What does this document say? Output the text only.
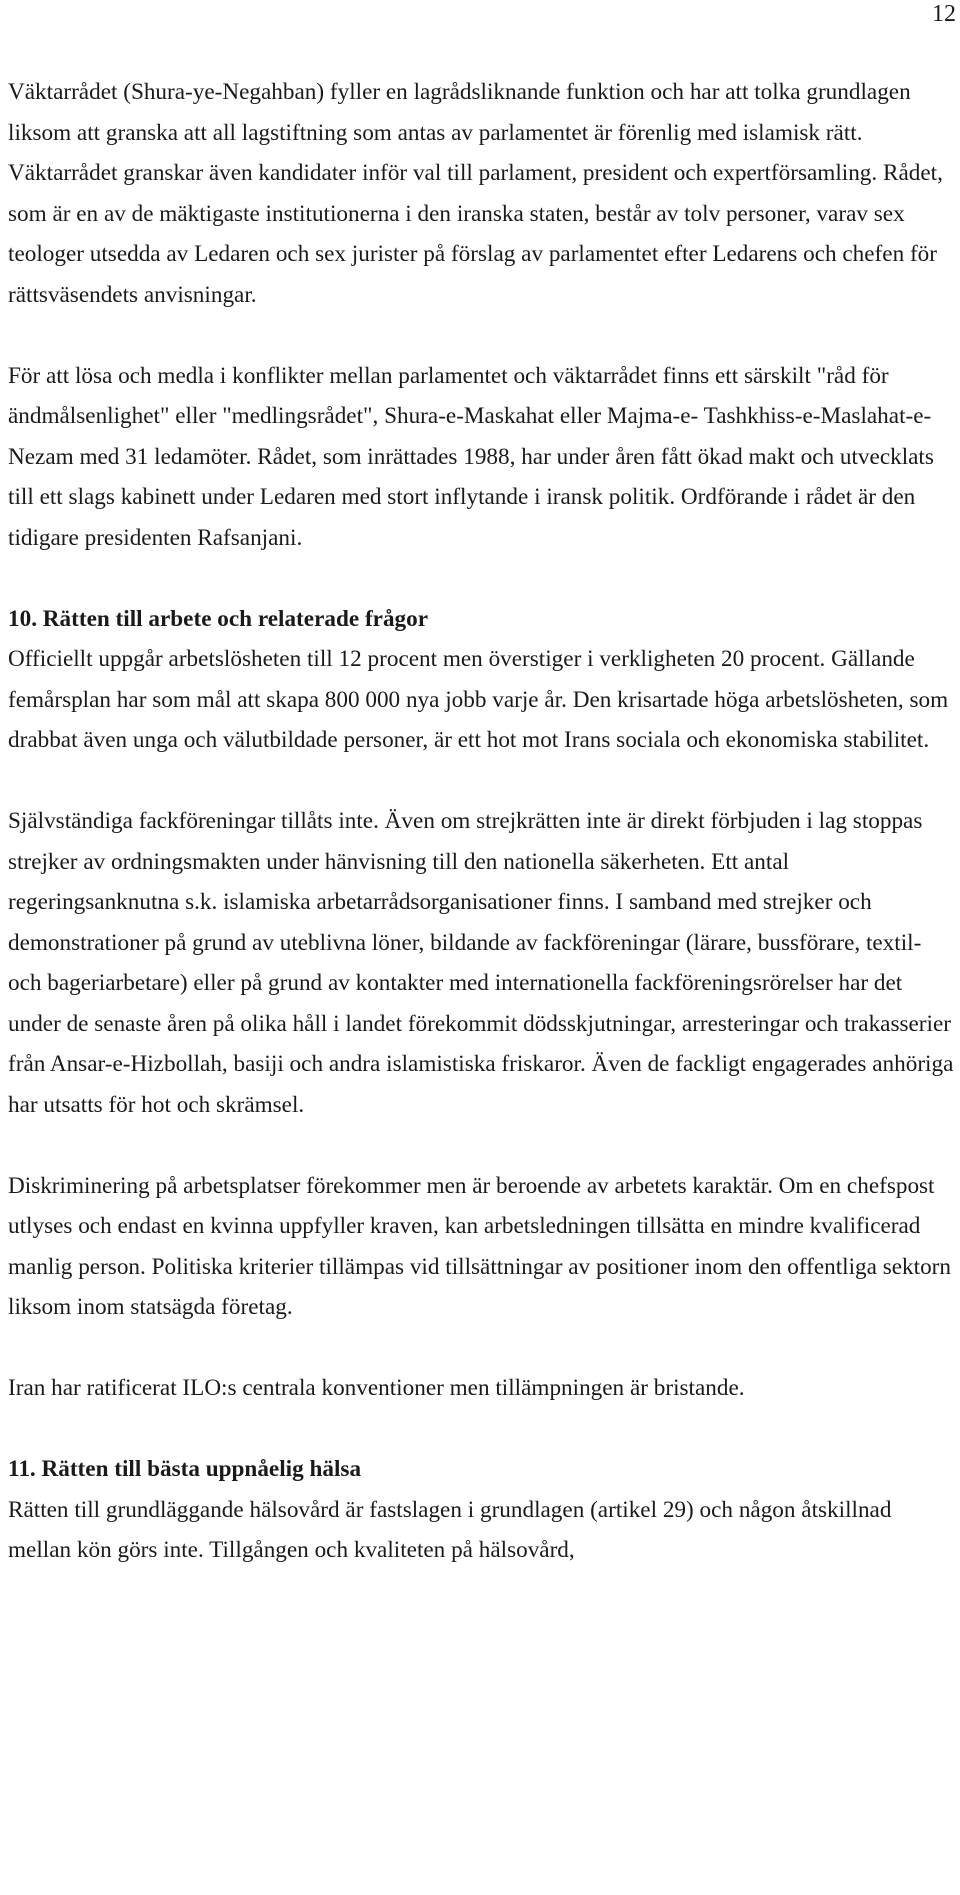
12

Väktarrådet (Shura-ye-Negahban) fyller en lagrådsliknande funktion och har att tolka grundlagen liksom att granska att all lagstiftning som antas av parlamentet är förenlig med islamisk rätt. Väktarrådet granskar även kandidater inför val till parlament, president och expertförsamling. Rådet, som är en av de mäktigaste institutionerna i den iranska staten, består av tolv personer, varav sex teologer utsedda av Ledaren och sex jurister på förslag av parlamentet efter Ledarens och chefen för rättsväsendets anvisningar.

För att lösa och medla i konflikter mellan parlamentet och väktarrådet finns ett särskilt "råd för ändmålsenlighet" eller "medlingsrådet", Shura-e-Maskahat eller Majma-e- Tashkhiss-e-Maslahat-e- Nezam med 31 ledamöter. Rådet, som inrättades 1988, har under åren fått ökad makt och utvecklats till ett slags kabinett under Ledaren med stort inflytande i iransk politik. Ordförande i rådet är den tidigare presidenten Rafsanjani.

10. Rätten till arbete och relaterade frågor

Officiellt uppgår arbetslösheten till 12 procent men överstiger i verkligheten 20 procent. Gällande femårsplan har som mål att skapa 800 000 nya jobb varje år. Den krisartade höga arbetslösheten, som drabbat även unga och välutbildade personer, är ett hot mot Irans sociala och ekonomiska stabilitet.

Självständiga fackföreningar tillåts inte. Även om strejkrätten inte är direkt förbjuden i lag stoppas strejker av ordningsmakten under hänvisning till den nationella säkerheten. Ett antal regeringsanknutna s.k. islamiska arbetarrådsorganisationer finns. I samband med strejker och demonstrationer på grund av uteblivna löner, bildande av fackföreningar (lärare, bussförare, textil- och bageriarbetare) eller på grund av kontakter med internationella fackföreningsrörelser har det under de senaste åren på olika håll i landet förekommit dödsskjutningar, arresteringar och trakasserier från Ansar-e-Hizbollah, basiji och andra islamistiska friskaror. Även de fackligt engagerades anhöriga har utsatts för hot och skrämsel.

Diskriminering på arbetsplatser förekommer men är beroende av arbetets karaktär. Om en chefspost utlyses och endast en kvinna uppfyller kraven, kan arbetsledningen tillsätta en mindre kvalificerad manlig person. Politiska kriterier tillämpas vid tillsättningar av positioner inom den offentliga sektorn liksom inom statsägda företag.

Iran har ratificerat ILO:s centrala konventioner men tillämpningen är bristande.

11. Rätten till bästa uppnåelig hälsa

Rätten till grundläggande hälsovård är fastslagen i grundlagen (artikel 29) och någon åtskillnad mellan kön görs inte. Tillgången och kvaliteten på hälsovård,
